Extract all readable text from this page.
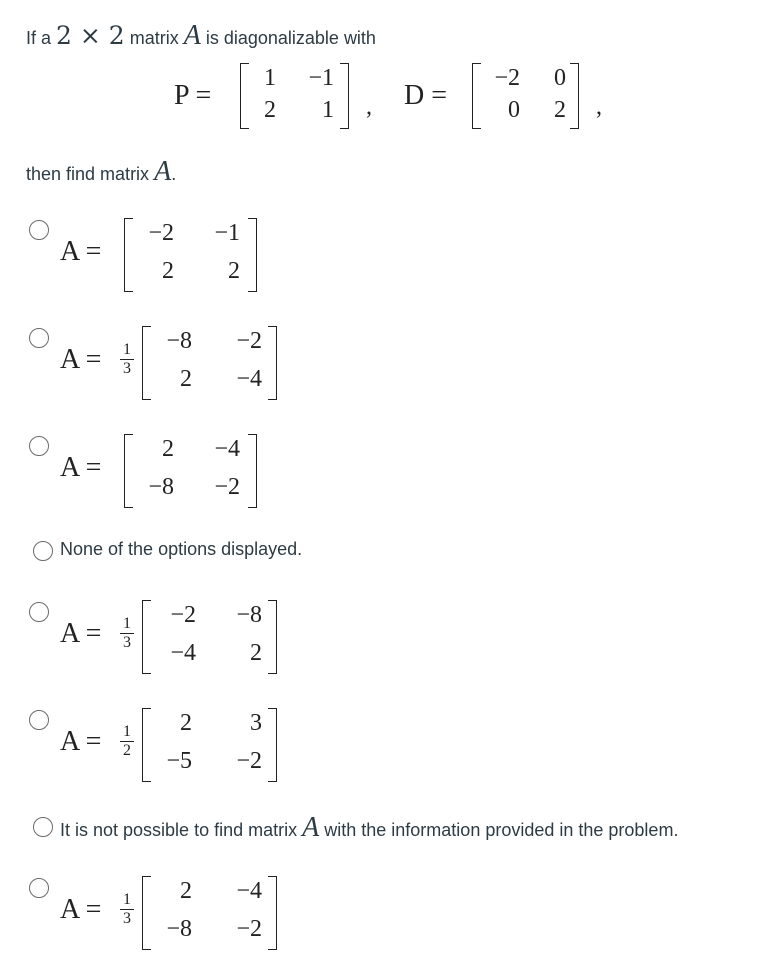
If a 2 × 2 matrix A is diagonalizable with
P =
1	−1
2	1 , D =
−2	0
0	2 ,
then find matrix A.
A =
−2	−1
2	2
A = 1
3
−8	−2
2	−4
A =
2	−4
−8	−2
None of the options displayed.
A = 1
3
−2	−8
−4	2
A = 1
2
2	3
−5	−2
It is not possible to find matrix A with the information provided in the problem.
A = 1
3
2	−4
−8	−2
